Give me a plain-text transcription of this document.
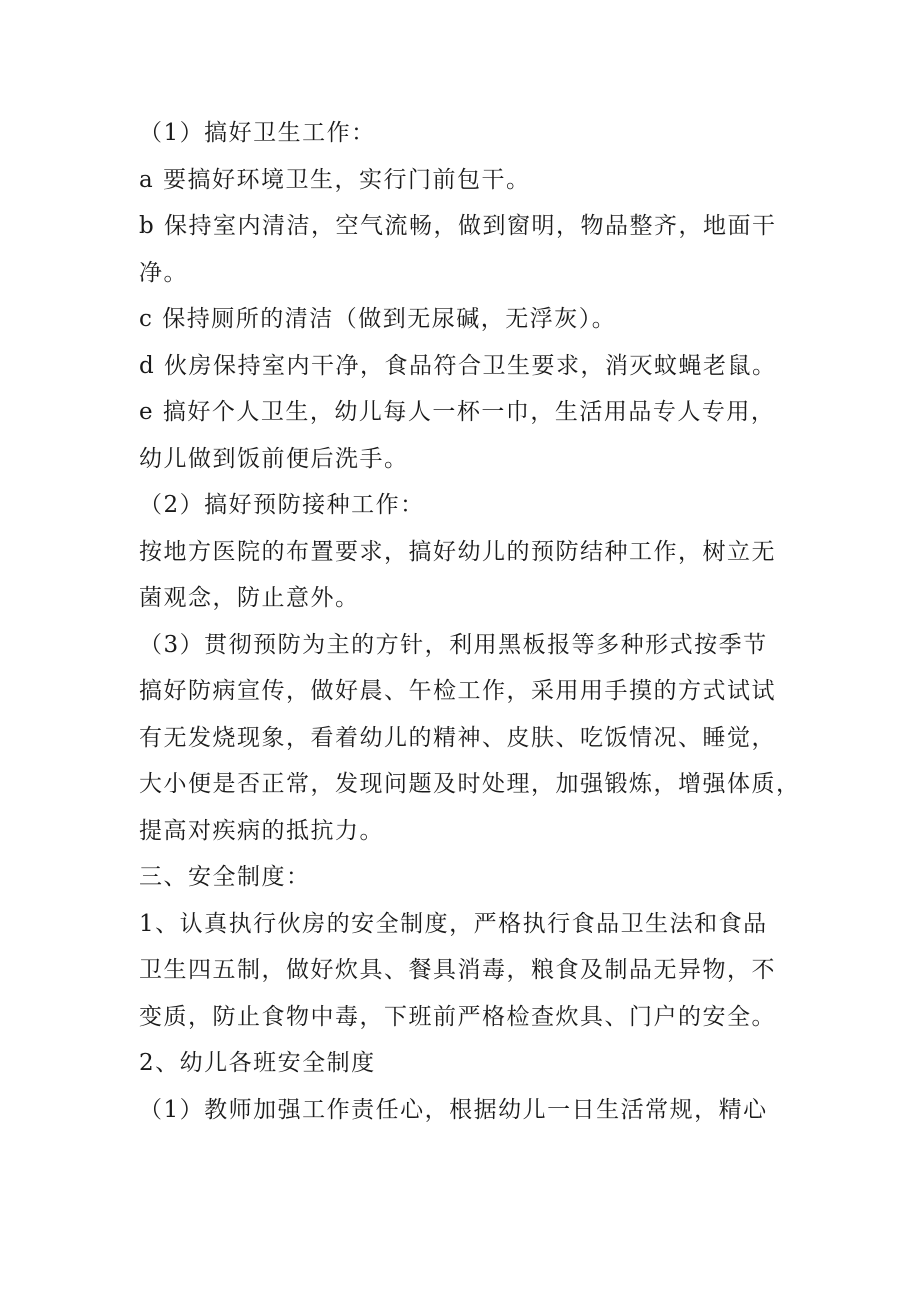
（1）搞好卫生工作：
a 要搞好环境卫生，实行门前包干。
b 保持室内清洁，空气流畅，做到窗明，物品整齐，地面干
净。
c 保持厕所的清洁（做到无尿碱，无浮灰）。
d 伙房保持室内干净，食品符合卫生要求，消灭蚊蝇老鼠。
e 搞好个人卫生，幼儿每人一杯一巾，生活用品专人专用，
幼儿做到饭前便后洗手。
（2）搞好预防接种工作：
按地方医院的布置要求，搞好幼儿的预防结种工作，树立无
菌观念，防止意外。
（3）贯彻预防为主的方针，利用黑板报等多种形式按季节
搞好防病宣传，做好晨、午检工作，采用用手摸的方式试试
有无发烧现象，看着幼儿的精神、皮肤、吃饭情况、睡觉，
大小便是否正常，发现问题及时处理，加强锻炼，增强体质，
提高对疾病的抵抗力。
三、安全制度：
1、认真执行伙房的安全制度，严格执行食品卫生法和食品
卫生四五制，做好炊具、餐具消毒，粮食及制品无异物，不
变质，防止食物中毒，下班前严格检查炊具、门户的安全。
2、幼儿各班安全制度
（1）教师加强工作责任心，根据幼儿一日生活常规，精心
